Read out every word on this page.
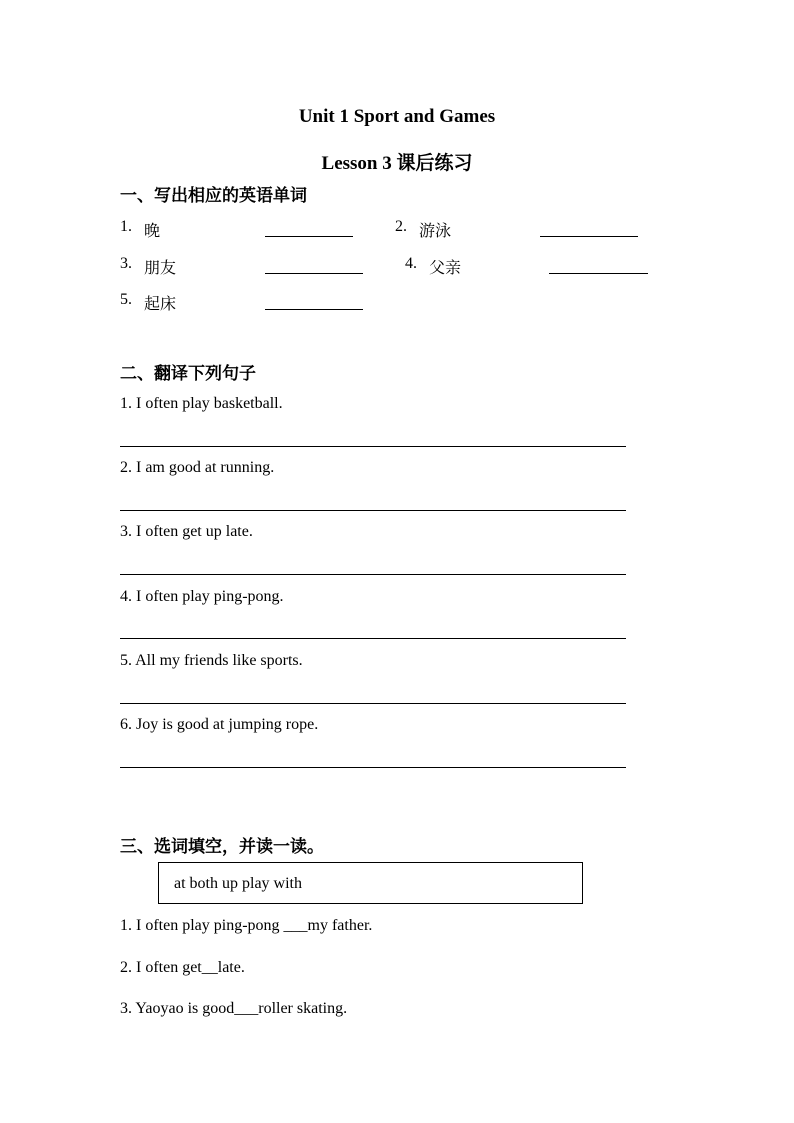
Unit 1 Sport and Games
Lesson 3 课后练习
一、写出相应的英语单词
1. 晚	2. 游泳
3. 朋友	4. 父亲
5. 起床
二、翻译下列句子
1. I often play basketball.
2. I am good at running.
3. I often get up late.
4. I often play ping-pong.
5. All my friends like sports.
6. Joy is good at jumping rope.
三、选词填空，并读一读。
at both up play with
1. I often play ping-pong ___my father.
2. I often get__late.
3. Yaoyao is good___roller skating.
